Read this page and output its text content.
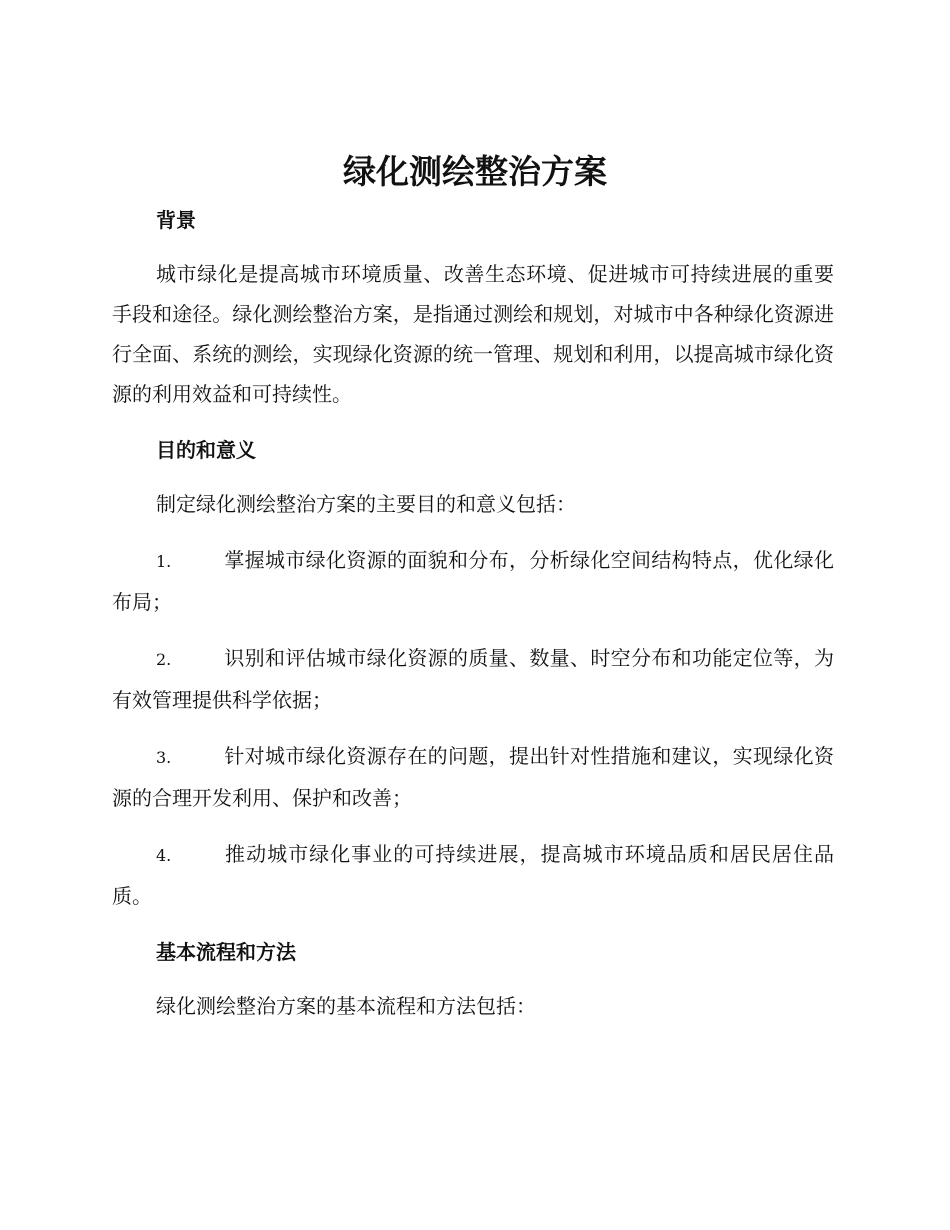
绿化测绘整治方案
背景

城市绿化是提高城市环境质量、改善生态环境、促进城市可持续进展的重要手段和途径。绿化测绘整治方案，是指通过测绘和规划，对城市中各种绿化资源进行全面、系统的测绘，实现绿化资源的统一管理、规划和利用，以提高城市绿化资源的利用效益和可持续性。

目的和意义

制定绿化测绘整治方案的主要目的和意义包括：

1.	掌握城市绿化资源的面貌和分布，分析绿化空间结构特点，优化绿化布局；

2.	识别和评估城市绿化资源的质量、数量、时空分布和功能定位等，为有效管理提供科学依据；

3.	针对城市绿化资源存在的问题，提出针对性措施和建议，实现绿化资源的合理开发利用、保护和改善；

4.	推动城市绿化事业的可持续进展，提高城市环境品质和居民居住品质。

基本流程和方法

绿化测绘整治方案的基本流程和方法包括：
